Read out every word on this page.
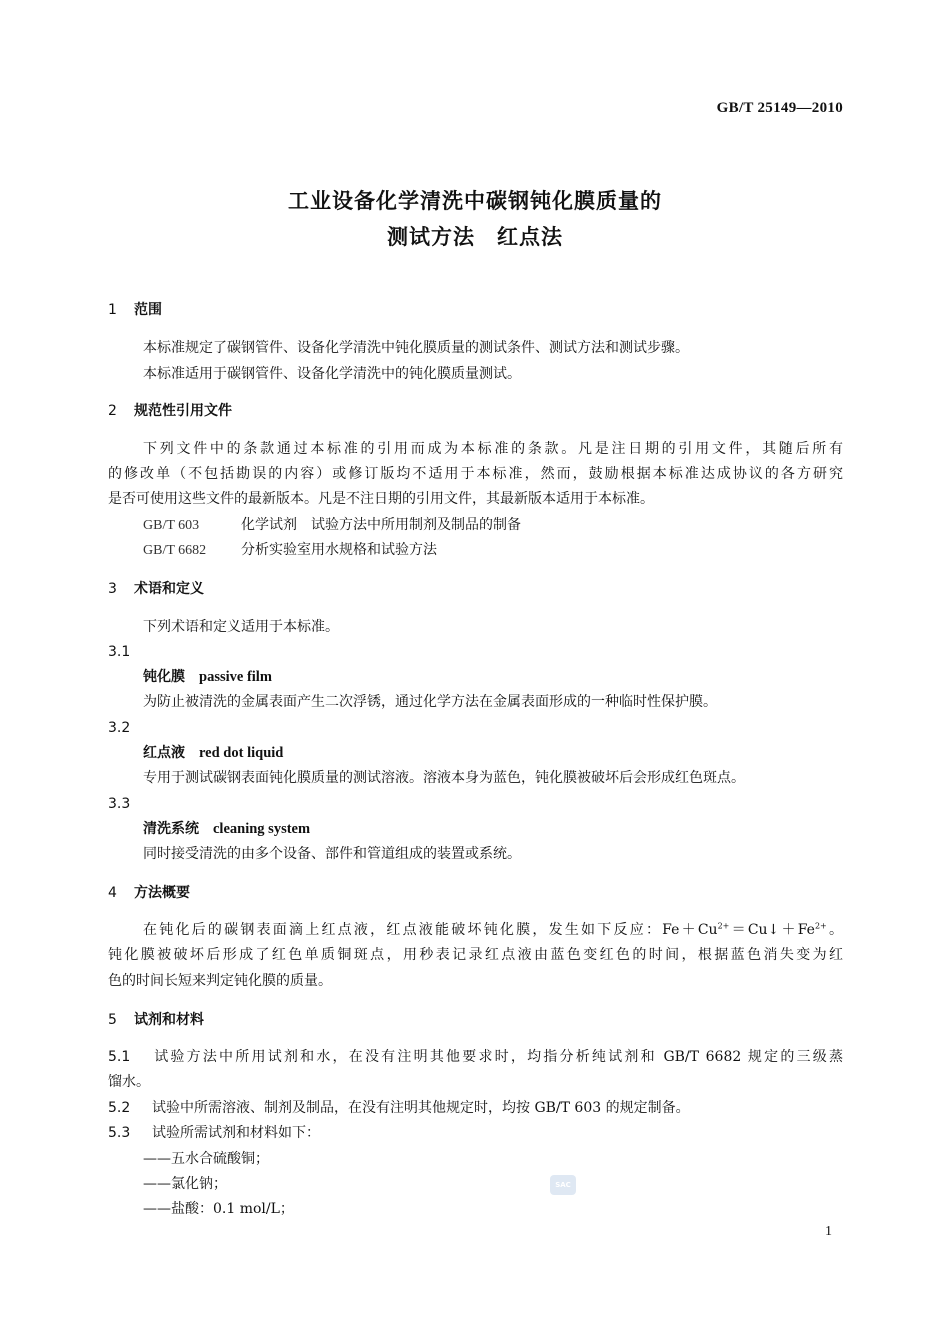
GB/T 25149—2010
工业设备化学清洗中碳钢钝化膜质量的
测试方法　红点法
1 范围
本标准规定了碳钢管件、设备化学清洗中钝化膜质量的测试条件、测试方法和测试步骤。
本标准适用于碳钢管件、设备化学清洗中的钝化膜质量测试。
2 规范性引用文件
下列文件中的条款通过本标准的引用而成为本标准的条款。凡是注日期的引用文件，其随后所有
的修改单（不包括勘误的内容）或修订版均不适用于本标准，然而，鼓励根据本标准达成协议的各方研究
是否可使用这些文件的最新版本。凡是不注日期的引用文件，其最新版本适用于本标准。
GB/T 603	化学试剂　试验方法中所用制剂及制品的制备
GB/T 6682 分析实验室用水规格和试验方法
3 术语和定义
下列术语和定义适用于本标准。
3.1
钝化膜 passive film
为防止被清洗的金属表面产生二次浮锈，通过化学方法在金属表面形成的一种临时性保护膜。
3.2
红点液 red dot liquid
专用于测试碳钢表面钝化膜质量的测试溶液。溶液本身为蓝色，钝化膜被破坏后会形成红色斑点。
3.3
清洗系统 cleaning system
同时接受清洗的由多个设备、部件和管道组成的装置或系统。
4 方法概要
在钝化后的碳钢表面滴上红点液，红点液能破坏钝化膜，发生如下反应：$Fe+Cu^{2+}=Cu↓+Fe^{2+}$。
钝化膜被破坏后形成了红色单质铜斑点，用秒表记录红点液由蓝色变红色的时间，根据蓝色消失变为红
色的时间长短来判定钝化膜的质量。
5 试剂和材料
5.1 试验方法中所用试剂和水，在没有注明其他要求时，均指分析纯试剂和 GB/T 6682 规定的三级蒸
馏水。
5.2 试验中所需溶液、制剂及制品，在没有注明其他规定时，均按 GB/T 603 的规定制备。
5.3 试验所需试剂和材料如下：
——五水合硫酸铜；
——氯化钠；
——盐酸：0.1 mol/L；
SAC
1
